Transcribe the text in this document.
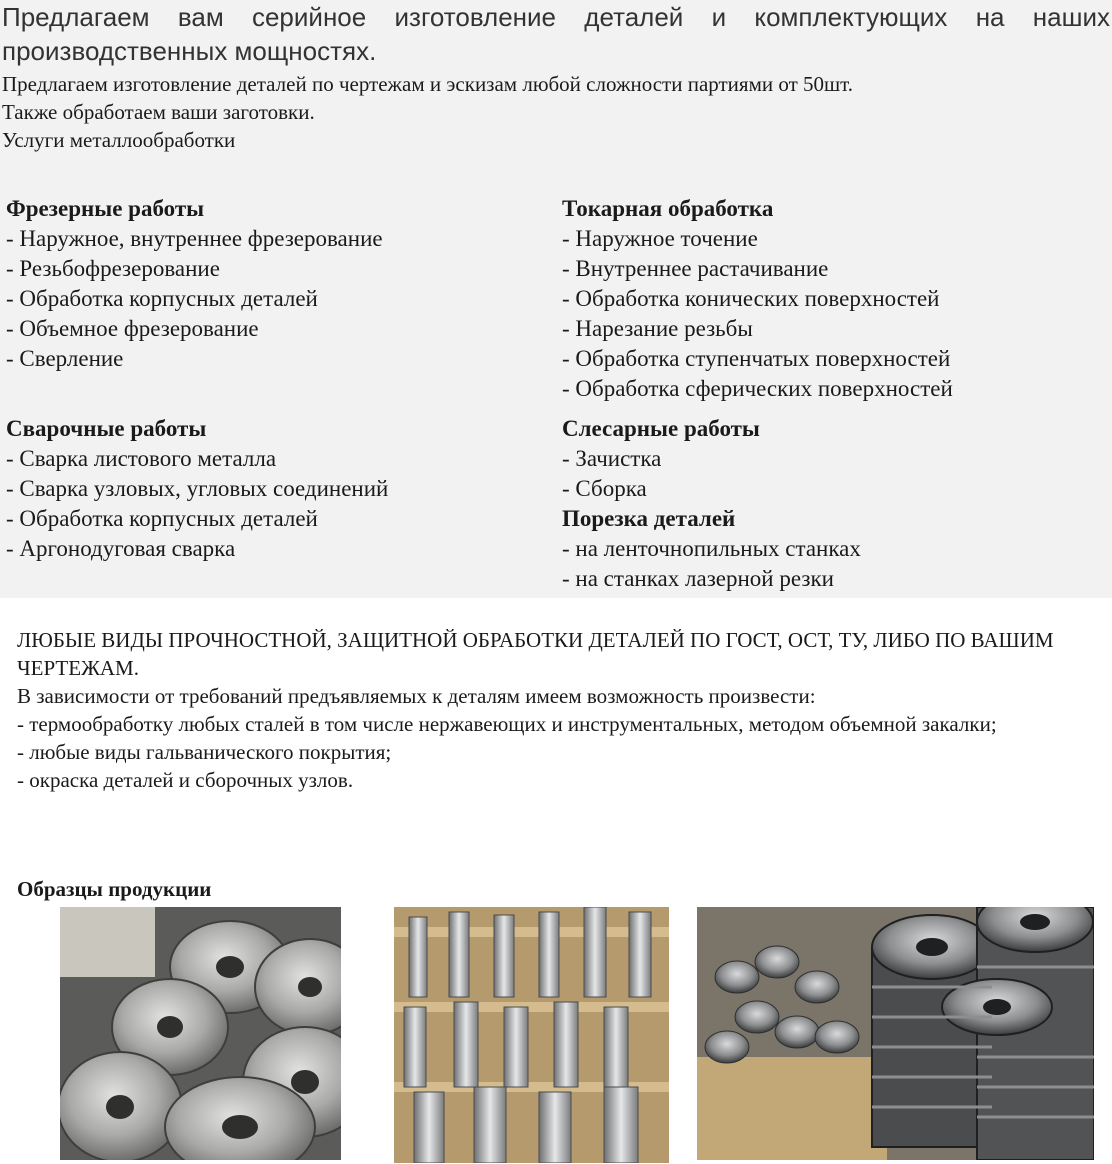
Предлагаем вам серийное изготовление деталей и комплектующих на наших производственных мощностях.

Предлагаем изготовление деталей по чертежам и эскизам любой сложности партиями от 50шт.
Также обработаем ваши заготовки.
Услуги металлообработки
Фрезерные работы
- Наружное, внутреннее фрезерование
- Резьбофрезерование
- Обработка корпусных деталей
- Объемное фрезерование
- Сверление
Токарная обработка
- Наружное точение
- Внутреннее растачивание
- Обработка конических поверхностей
- Нарезание резьбы
- Обработка ступенчатых поверхностей
- Обработка сферических поверхностей
Сварочные работы
- Сварка листового металла
- Сварка узловых, угловых соединений
- Обработка корпусных деталей
- Аргонодуговая сварка
Слесарные работы
- Зачистка
- Сборка
Порезка деталей
- на ленточнопильных станках
- на станках лазерной резки
ЛЮБЫЕ ВИДЫ ПРОЧНОСТНОЙ, ЗАЩИТНОЙ ОБРАБОТКИ ДЕТАЛЕЙ ПО ГОСТ, ОСТ, ТУ, ЛИБО ПО ВАШИМ ЧЕРТЕЖАМ.
В зависимости от требований предъявляемых к деталям имеем возможность произвести:
- термообработку любых сталей в том числе нержавеющих и инструментальных, методом объемной закалки;
- любые виды гальванического покрытия;
- окраска деталей и сборочных узлов.
Образцы продукции
